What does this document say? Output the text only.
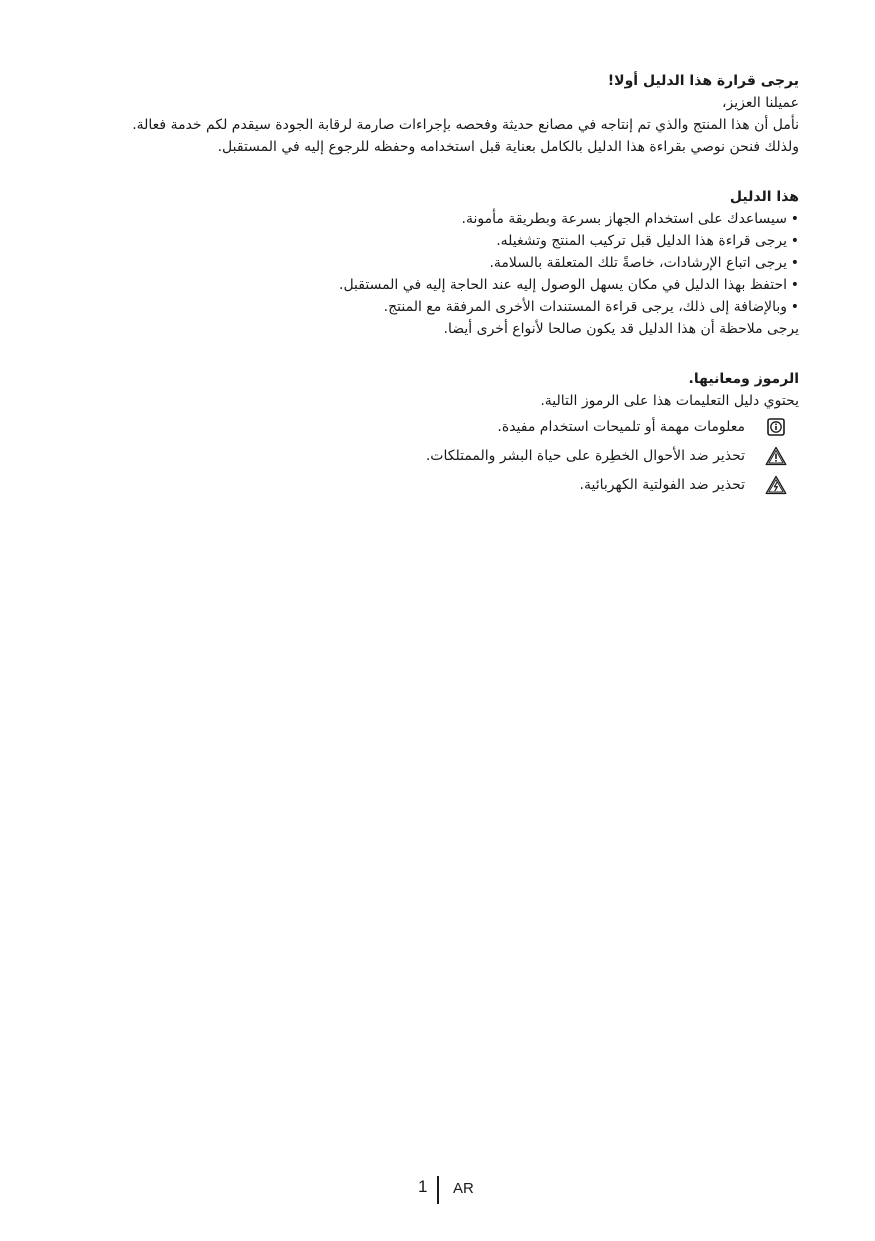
يرجى قرارة هذا الدليل أولا!

عميلنا العزيز،

نأمل أن هذا المنتج والذي تم إنتاجه في مصانع حديثة وفحصه بإجراءات صارمة لرقابة الجودة سيقدم لكم خدمة فعالة.

ولذلك فنحن نوصي بقراءة هذا الدليل بالكامل بعناية قبل استخدامه وحفظه للرجوع إليه في المستقبل.

هذا الدليل

•سيساعدك على استخدام الجهاز بسرعة وبطريقة مأمونة.
•يرجى قراءة هذا الدليل قبل تركيب المنتج وتشغيله.
•يرجى اتباع الإرشادات، خاصةً تلك المتعلقة بالسلامة.
•احتفظ بهذا الدليل في مكان يسهل الوصول إليه عند الحاجة إليه في المستقبل.
•وبالإضافة إلى ذلك، يرجى قراءة المستندات الأخرى المرفقة مع المنتج.

يرجى ملاحظة أن هذا الدليل قد يكون صالحا لأنواع أخرى أيضا.

الرموز ومعانيها.

يحتوي دليل التعليمات هذا على الرموز التالية.

معلومات مهمة أو تلميحات استخدام مفيدة.
تحذير ضد الأحوال الخطِرة على حياة البشر والممتلكات.
تحذير ضد الفولتية الكهربائية.
1 AR
